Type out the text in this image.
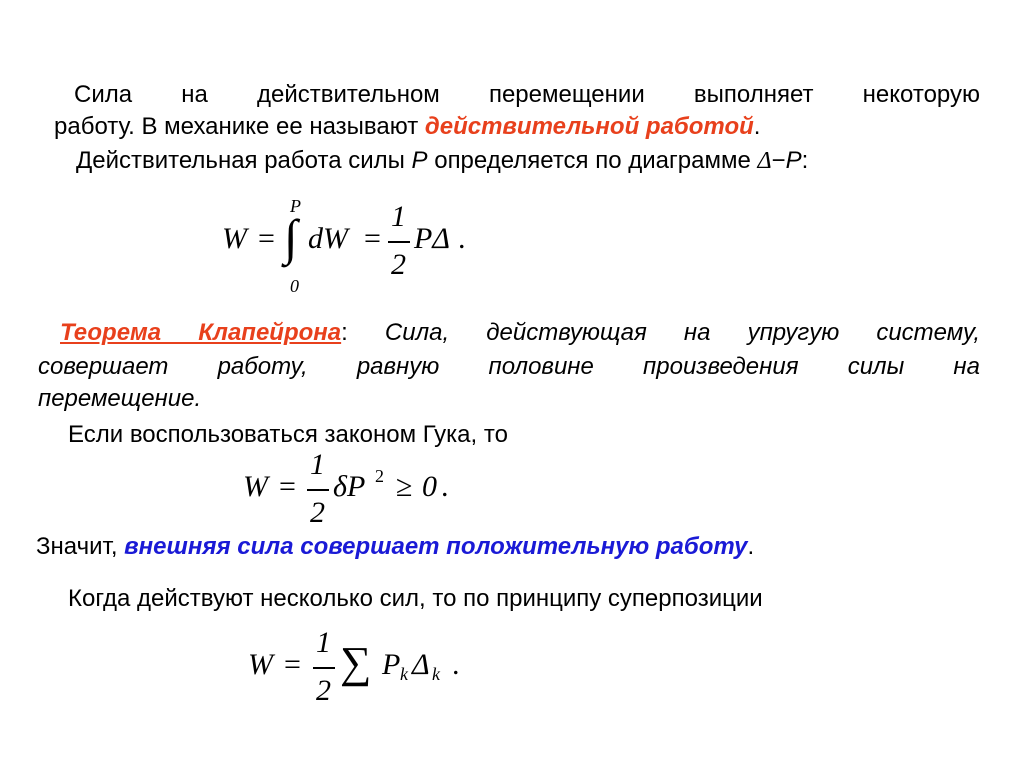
Сила на действительном перемещении выполняет некоторую
работу. В механике ее называют действительной работой.
Действительная работа силы P определяется по диаграмме Δ−P:
W = ∫
P
0
dW =
1
2
PΔ .
Теорема Клапейрона: Сила, действующая на упругую систему,
совершает работу, равную половине произведения силы на
перемещение.
Если воспользоваться законом Гука, то
W =
1
2
δP 2 ≥ 0 .
Значит, внешняя сила совершает положительную работу.
Когда действуют несколько сил, то по принципу суперпозиции
W =
1
2
∑ P k Δ k .
